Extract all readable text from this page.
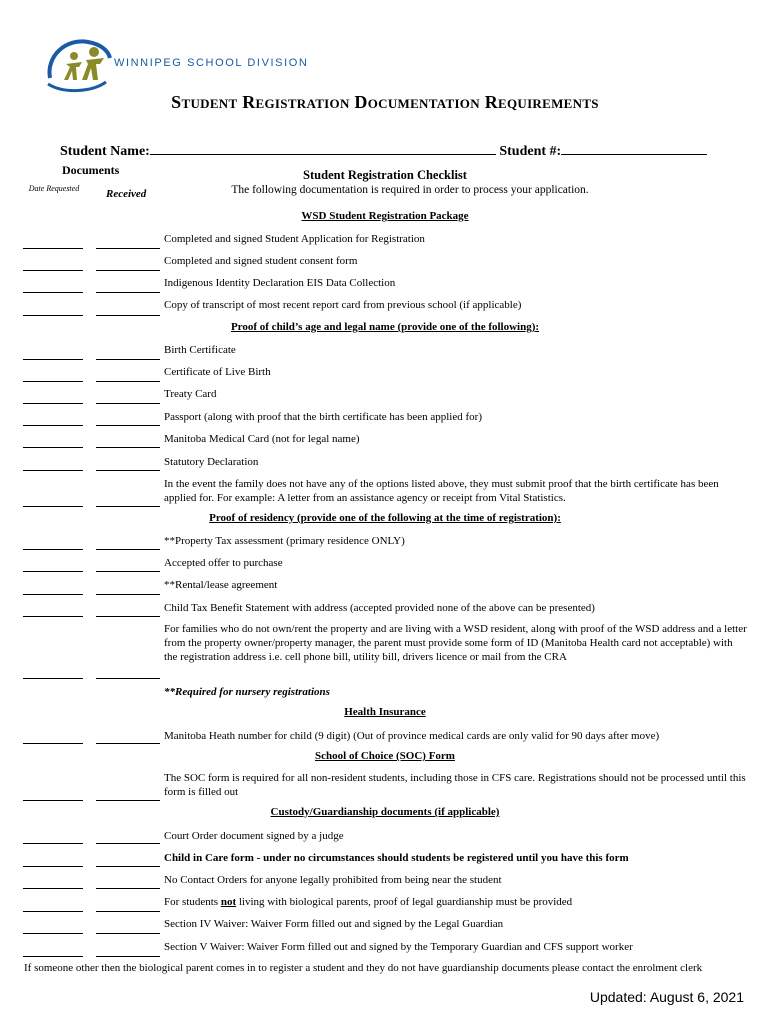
WINNIPEG SCHOOL DIVISION
Student Registration Documentation Requirements
Student Name:	Student #:
Documents
Date Requested Received
Student Registration Checklist
The following documentation is required in order to process your application.
WSD Student Registration Package
Completed and signed Student Application for Registration
Completed and signed student consent form
Indigenous Identity Declaration EIS Data Collection
Copy of transcript of most recent report card from previous school (if applicable)
Proof of child’s age and legal name (provide one of the following):
Birth Certificate
Certificate of Live Birth
Treaty Card
Passport (along with proof that the birth certificate has been applied for)
Manitoba Medical Card (not for legal name)
Statutory Declaration
In the event the family does not have any of the options listed above, they must submit proof that the birth certificate has been applied for. For example: A letter from an assistance agency or receipt from Vital Statistics.
Proof of residency (provide one of the following at the time of registration):
**Property Tax assessment (primary residence ONLY)
Accepted offer to purchase
**Rental/lease agreement
Child Tax Benefit Statement with address (accepted provided none of the above can be presented)
For families who do not own/rent the property and are living with a WSD resident, along with proof of the WSD address and a letter from the property owner/property manager, the parent must provide some form of ID (Manitoba Health card not acceptable) with the registration address i.e. cell phone bill, utility bill, drivers licence or mail from the CRA
**Required for nursery registrations
Health Insurance
Manitoba Heath number for child (9 digit) (Out of province medical cards are only valid for 90 days after move)
School of Choice (SOC) Form
The SOC form is required for all non-resident students, including those in CFS care. Registrations should not be processed until this form is filled out
Custody/Guardianship documents (if applicable)
Court Order document signed by a judge
Child in Care form - under no circumstances should students be registered until you have this form
No Contact Orders for anyone legally prohibited from being near the student
For students not living with biological parents, proof of legal guardianship must be provided
Section IV Waiver: Waiver Form filled out and signed by the Legal Guardian
Section V Waiver: Waiver Form filled out and signed by the Temporary Guardian and CFS support worker
If someone other then the biological parent comes in to register a student and they do not have guardianship documents please contact the enrolment clerk
Updated: August 6, 2021
